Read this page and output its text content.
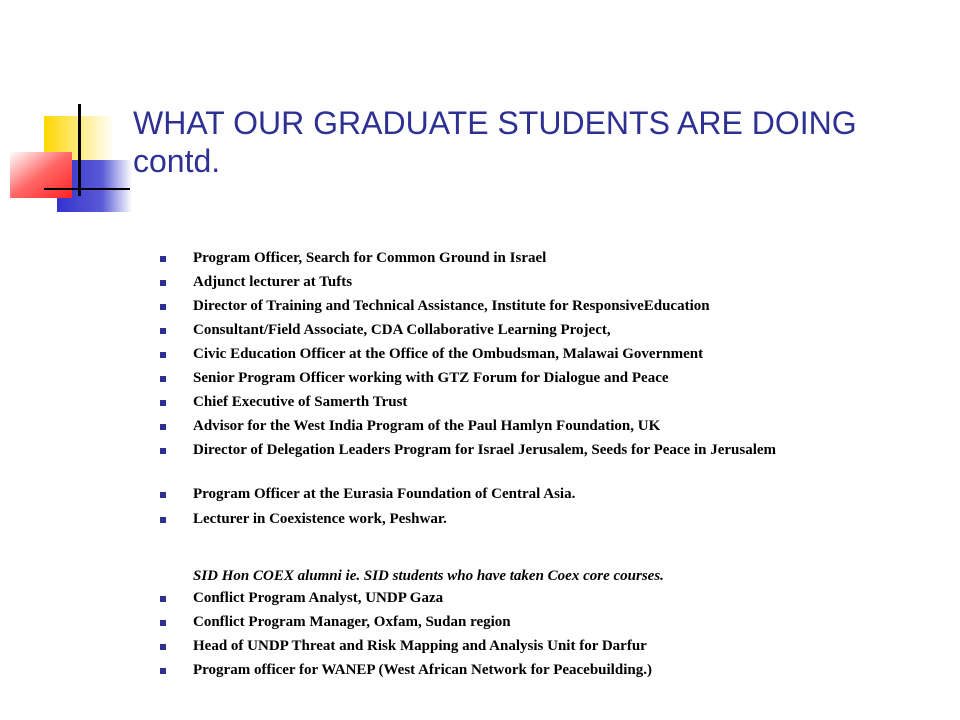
WHAT OUR GRADUATE STUDENTS ARE DOING contd.
Program Officer, Search for Common Ground in Israel
Adjunct lecturer at Tufts
Director of Training and Technical Assistance, Institute for ResponsiveEducation
Consultant/Field Associate, CDA Collaborative Learning Project,
Civic Education Officer at the Office of the Ombudsman, Malawai Government
Senior Program Officer working with GTZ Forum for Dialogue and Peace
Chief Executive of Samerth Trust
Advisor for the West India Program of the Paul Hamlyn Foundation, UK
Director of Delegation Leaders Program for Israel Jerusalem, Seeds for Peace in Jerusalem
Program Officer at the Eurasia Foundation of Central Asia.
Lecturer in Coexistence work, Peshwar.
SID Hon COEX alumni ie. SID students who have taken Coex core courses.
Conflict Program Analyst, UNDP Gaza
Conflict Program Manager, Oxfam, Sudan region
Head of UNDP Threat and Risk Mapping and Analysis Unit for Darfur
Program officer for WANEP (West African Network for Peacebuilding.)
